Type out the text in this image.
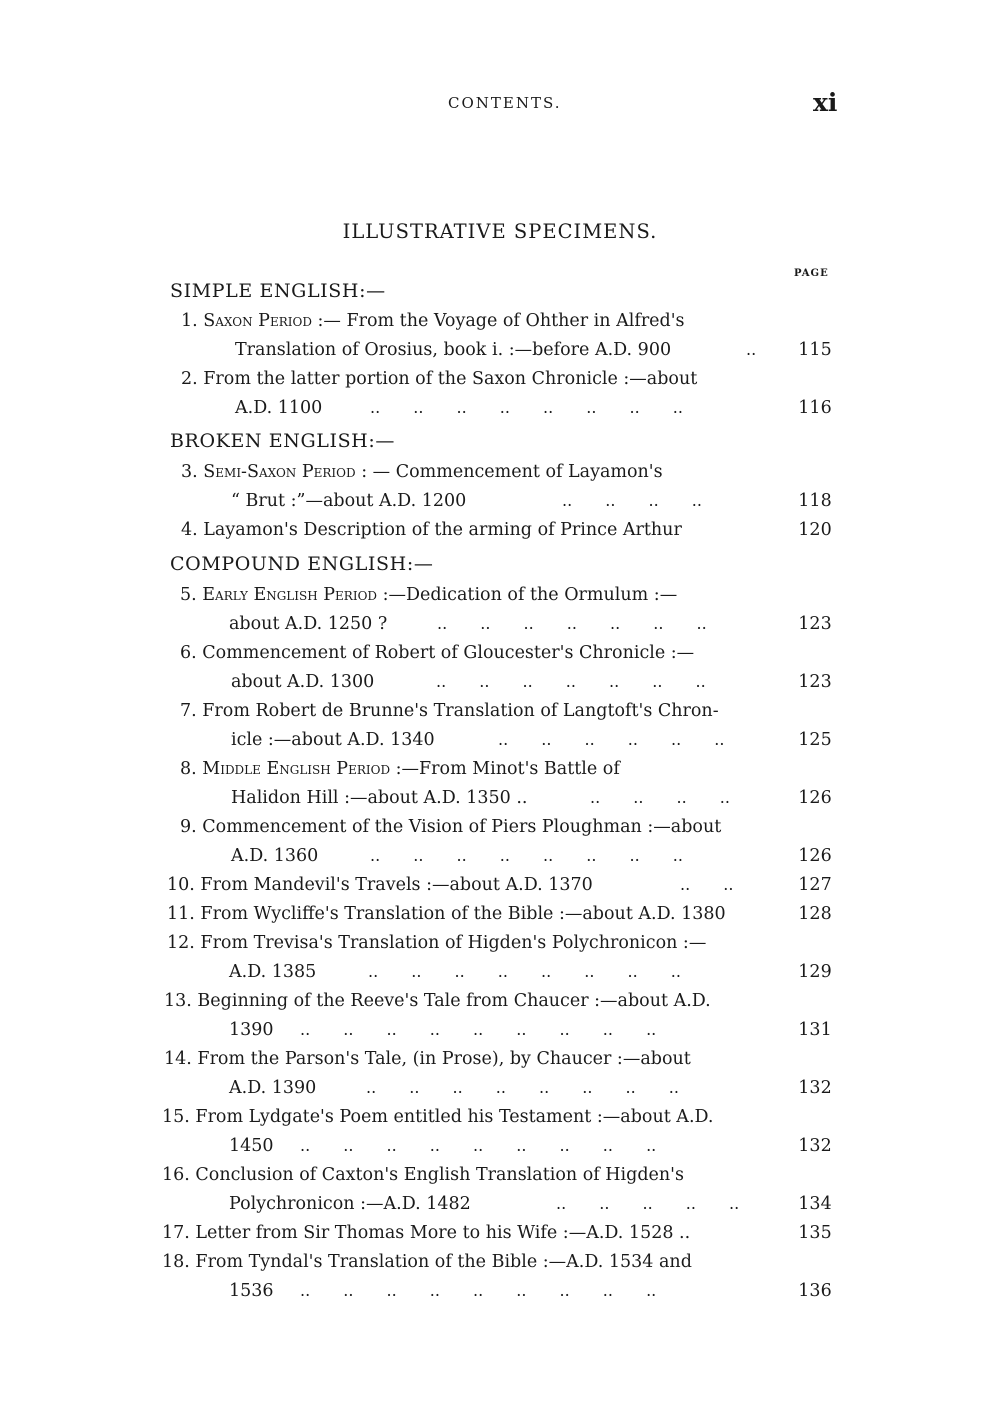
CONTENTS.	xi
ILLUSTRATIVE SPECIMENS.
PAGE
SIMPLE ENGLISH:—
1. Saxon Period :— From the Voyage of Ohther in Alfred's
Translation of Orosius, book i. :—before A.D. 900	.. 115
2. From the latter portion of the Saxon Chronicle :—about
A.D. 1100	.. .. .. .. .. .. .. ..	116
BROKEN ENGLISH:—
3. Semi-Saxon Period : — Commencement of Layamon's
“ Brut :”—about A.D. 1200	.. .. .. ..	118
4. Layamon's Description of the arming of Prince Arthur	120
COMPOUND ENGLISH:—
5. Early English Period :—Dedication of the Ormulum :—
about A.D. 1250 ?	.. .. .. .. .. .. ..	123
6. Commencement of Robert of Gloucester's Chronicle :—
about A.D. 1300	.. .. .. .. .. .. ..	123
7. From Robert de Brunne's Translation of Langtoft's Chron-
icle :—about A.D. 1340	.. .. .. .. .. ..	125
8. Middle English Period :—From Minot's Battle of
Halidon Hill :—about A.D. 1350 ..	.. .. .. ..	126
9. Commencement of the Vision of Piers Ploughman :—about
A.D. 1360	.. .. .. .. .. .. .. ..	126
10. From Mandevil's Travels :—about A.D. 1370	.. ..	127
11. From Wycliffe's Translation of the Bible :—about A.D. 1380	128
12. From Trevisa's Translation of Higden's Polychronicon :—
A.D. 1385	.. .. .. .. .. .. .. ..	129
13. Beginning of the Reeve's Tale from Chaucer :—about A.D.
1390 .. .. .. .. .. .. .. .. ..	131
14. From the Parson's Tale, (in Prose), by Chaucer :—about
A.D. 1390	.. .. .. .. .. .. .. ..	132
15. From Lydgate's Poem entitled his Testament :—about A.D.
1450 .. .. .. .. .. .. .. .. ..	132
16. Conclusion of Caxton's English Translation of Higden's
Polychronicon :—A.D. 1482	.. .. .. .. ..	134
17. Letter from Sir Thomas More to his Wife :—A.D. 1528 ..	135
18. From Tyndal's Translation of the Bible :—A.D. 1534 and
1536 .. .. .. .. .. .. .. .. ..	136
